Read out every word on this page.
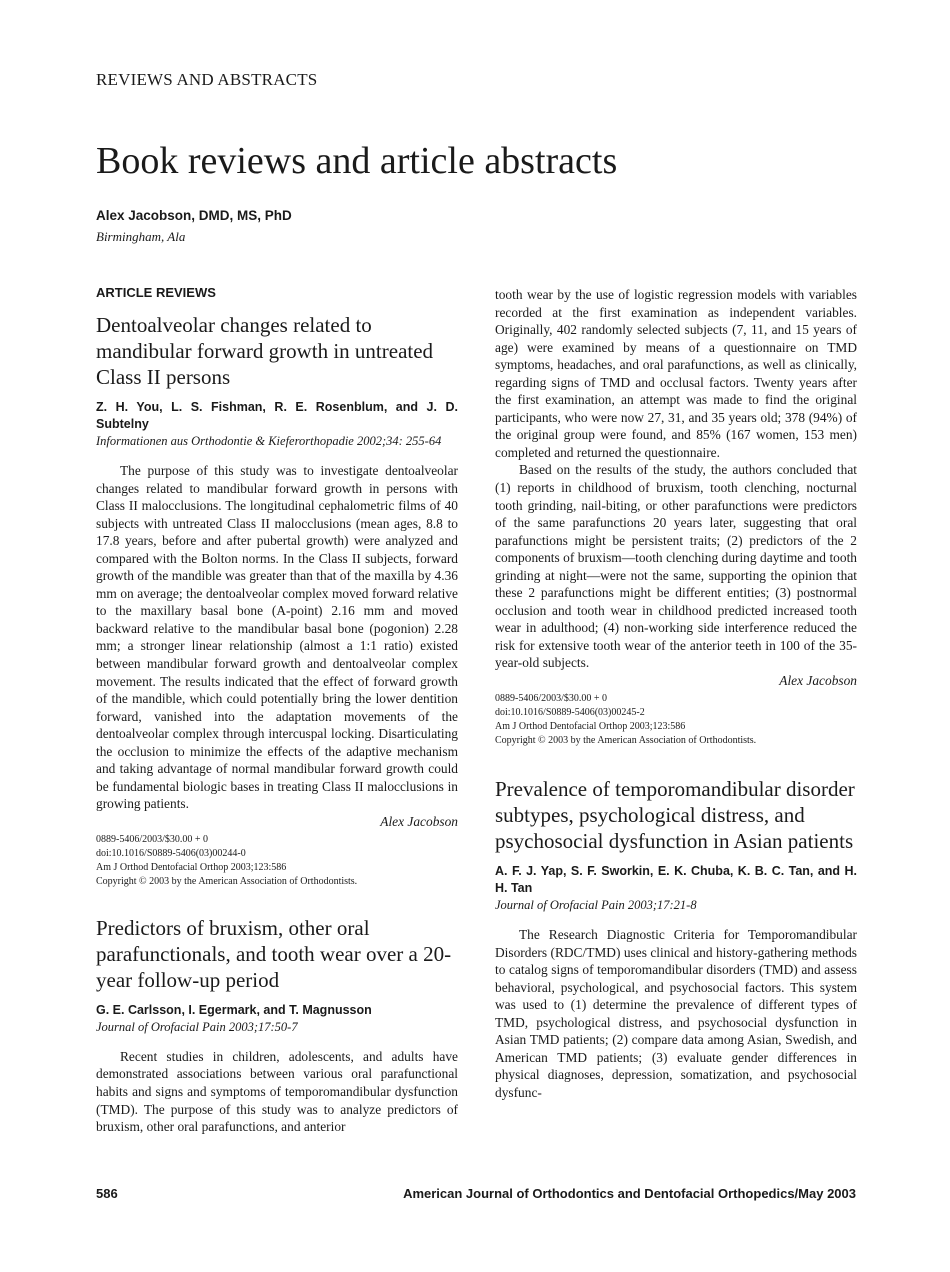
REVIEWS AND ABSTRACTS
Book reviews and article abstracts
Alex Jacobson, DMD, MS, PhD
Birmingham, Ala
ARTICLE REVIEWS
Dentoalveolar changes related to mandibular forward growth in untreated Class II persons
Z. H. You, L. S. Fishman, R. E. Rosenblum, and J. D. Subtelny
Informationen aus Orthodontie & Kieferorthopadie 2002;34: 255-64

The purpose of this study was to investigate dentoalveolar changes related to mandibular forward growth in persons with Class II malocclusions. The longitudinal cephalometric films of 40 subjects with untreated Class II malocclusions (mean ages, 8.8 to 17.8 years, before and after pubertal growth) were analyzed and compared with the Bolton norms. In the Class II subjects, forward growth of the mandible was greater than that of the maxilla by 4.36 mm on average; the dentoalveolar complex moved forward relative to the maxillary basal bone (A-point) 2.16 mm and moved backward relative to the mandibular basal bone (pogonion) 2.28 mm; a stronger linear relationship (almost a 1:1 ratio) existed between mandibular forward growth and dentoalveolar complex movement. The results indicated that the effect of forward growth of the mandible, which could potentially bring the lower dentition forward, vanished into the adaptation movements of the dentoalveolar complex through intercuspal locking. Disarticulating the occlusion to minimize the effects of the adaptive mechanism and taking advantage of normal mandibular forward growth could be fundamental biologic bases in treating Class II malocclusions in growing patients.

Alex Jacobson
0889-5406/2003/$30.00 + 0
doi:10.1016/S0889-5406(03)00244-0
Am J Orthod Dentofacial Orthop 2003;123:586
Copyright © 2003 by the American Association of Orthodontists.
Predictors of bruxism, other oral parafunctionals, and tooth wear over a 20-year follow-up period
G. E. Carlsson, I. Egermark, and T. Magnusson
Journal of Orofacial Pain 2003;17:50-7

Recent studies in children, adolescents, and adults have demonstrated associations between various oral parafunctional habits and signs and symptoms of temporomandibular dysfunction (TMD). The purpose of this study was to analyze predictors of bruxism, other oral parafunctions, and anterior

tooth wear by the use of logistic regression models with variables recorded at the first examination as independent variables. Originally, 402 randomly selected subjects (7, 11, and 15 years of age) were examined by means of a questionnaire on TMD symptoms, headaches, and oral parafunctions, as well as clinically, regarding signs of TMD and occlusal factors. Twenty years after the first examination, an attempt was made to find the original participants, who were now 27, 31, and 35 years old; 378 (94%) of the original group were found, and 85% (167 women, 153 men) completed and returned the questionnaire.

Based on the results of the study, the authors concluded that (1) reports in childhood of bruxism, tooth clenching, nocturnal tooth grinding, nail-biting, or other parafunctions were predictors of the same parafunctions 20 years later, suggesting that oral parafunctions might be persistent traits; (2) predictors of the 2 components of bruxism—tooth clenching during daytime and tooth grinding at night—were not the same, supporting the opinion that these 2 parafunctions might be different entities; (3) postnormal occlusion and tooth wear in childhood predicted increased tooth wear in adulthood; (4) non-working side interference reduced the risk for extensive tooth wear of the anterior teeth in 100 of the 35-year-old subjects.

Alex Jacobson
0889-5406/2003/$30.00 + 0
doi:10.1016/S0889-5406(03)00245-2
Am J Orthod Dentofacial Orthop 2003;123:586
Copyright © 2003 by the American Association of Orthodontists.
Prevalence of temporomandibular disorder subtypes, psychological distress, and psychosocial dysfunction in Asian patients
A. F. J. Yap, S. F. Sworkin, E. K. Chuba, K. B. C. Tan, and H. H. Tan
Journal of Orofacial Pain 2003;17:21-8

The Research Diagnostic Criteria for Temporomandibular Disorders (RDC/TMD) uses clinical and history-gathering methods to catalog signs of temporomandibular disorders (TMD) and assess behavioral, psychological, and psychosocial factors. This system was used to (1) determine the prevalence of different types of TMD, psychological distress, and psychosocial dysfunction in Asian TMD patients; (2) compare data among Asian, Swedish, and American TMD patients; (3) evaluate gender differences in physical diagnoses, depression, somatization, and psychosocial dysfunc-

586	American Journal of Orthodontics and Dentofacial Orthopedics/May 2003
